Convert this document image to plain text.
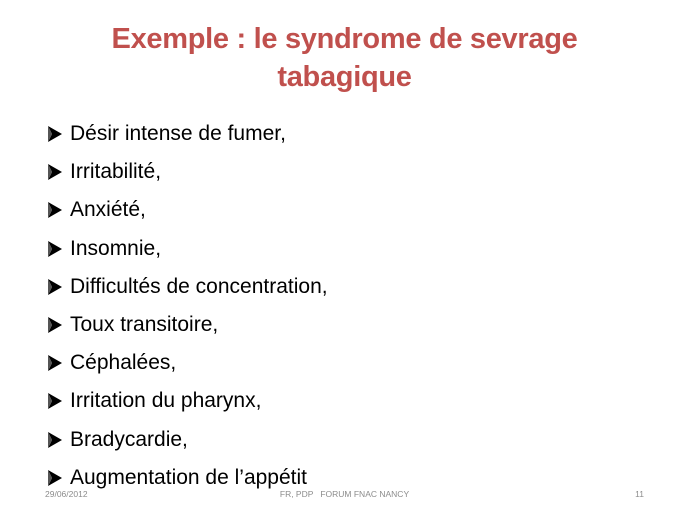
Exemple : le syndrome de sevrage
tabagique
Désir intense de fumer,
Irritabilité,
Anxiété,
Insomnie,
Difficultés de concentration,
Toux transitoire,
Céphalées,
Irritation du pharynx,
Bradycardie,
Augmentation de l’appétit
29/06/2012	FR, PDP   FORUM FNAC NANCY	11
